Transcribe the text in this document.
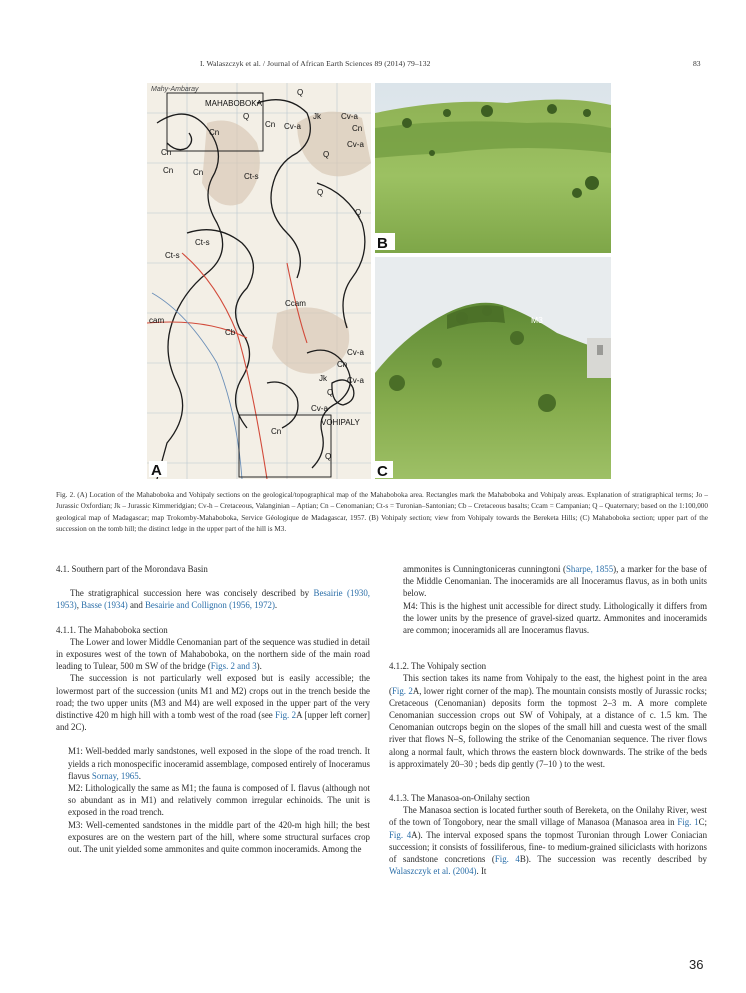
I. Walaszczyk et al. / Journal of African Earth Sciences 89 (2014) 79–132	83
Mahy-Ambaray
MAHABOBOKA
Q
Jk	Cv-a
Cn
Cn Cv-a
Cv-a
Q
Cn
Cn	Q
Cn
Q
Cn	Ct-s
Q
Ct-s
Ct-s
Ccam
cam
Cb
Cv-a
Cv-a
Jk
Cn
Cv-a
Q
VOHIPALY
Cn
Q
A
B
M3
C
Fig. 2. (A) Location of the Mahaboboka and Vohipaly sections on the geological/topographical map of the Mahaboboka area. Rectangles mark the Mahaboboka and Vohipaly areas. Explanation of stratigraphical terms; Jo – Jurassic Oxfordian; Jk – Jurassic Kimmeridgian; Cv-h – Cretaceous, Valanginian – Aptian; Cn – Cenomanian; Ct-s = Turonian–Santonian; Cb – Cretaceous basalts; Ccam = Campanian; Q – Quaternary; based on the 1:100,000 geological map of Madagascar; map Trokomby-Mahaboboka, Service Géologique de Madagascar, 1957. (B) Vohipaly section; view from Vohipaly towards the Bereketa Hills; (C) Mahaboboka section; upper part of the succession on the tomb hill; the distinct ledge in the upper part of the hill is M3.

4.1. Southern part of the Morondava Basin

The stratigraphical succession here was concisely described by Besairie (1930, 1953), Basse (1934) and Besairie and Collignon (1956, 1972).

4.1.1. The Mahaboboka section

The Lower and lower Middle Cenomanian part of the sequence was studied in detail in exposures west of the town of Mahaboboka, on the northern side of the main road leading to Tulear, 500 m SW of the bridge (Figs. 2 and 3).

The succession is not particularly well exposed but is easily accessible; the lowermost part of the succession (units M1 and M2) crops out in the trench beside the road; the two upper units (M3 and M4) are well exposed in the upper part of the very distinctive 420 m high hill with a tomb west of the road (see Fig. 2A [upper left corner] and 2C).

M1: Well-bedded marly sandstones, well exposed in the slope of the road trench. It yields a rich monospecific inoceramid assemblage, composed entirely of Inoceramus flavus Sornay, 1965.

M2: Lithologically the same as M1; the fauna is composed of I. flavus (although not so abundant as in M1) and relatively common irregular echinoids. The unit is exposed in the road trench.

M3: Well-cemented sandstones in the middle part of the 420-m high hill; the best exposures are on the western part of the hill, where some structural surfaces crop out. The unit yielded some ammonites and quite common inoceramids. Among the

ammonites is Cunningtoniceras cunningtoni (Sharpe, 1855), a marker for the base of the Middle Cenomanian. The inoceramids are all Inoceramus flavus, as in both units below.

M4: This is the highest unit accessible for direct study. Lithologically it differs from the lower units by the presence of gravel-sized quartz. Ammonites and inoceramids are common; inoceramids all are Inoceramus flavus.

4.1.2. The Vohipaly section

This section takes its name from Vohipaly to the east, the highest point in the area (Fig. 2A, lower right corner of the map). The mountain consists mostly of Jurassic rocks; Cretaceous (Cenomanian) deposits form the topmost 2–3 m. A more complete Cenomanian succession crops out SW of Vohipaly, at a distance of c. 1.5 km. The Cenomanian outcrops begin on the slopes of the small hill and cuesta west of the small river that flows N–S, following the strike of the Cenomanian sequence. The river flows along a normal fault, which throws the eastern block downwards. The strike of the beds is approximately 20–30 ; beds dip gently (7–10 ) to the west.

4.1.3. The Manasoa-on-Onilahy section

The Manasoa section is located further south of Bereketa, on the Onilahy River, west of the town of Tongobory, near the small village of Manasoa (Manasoa area in Fig. 1C; Fig. 4A). The interval exposed spans the topmost Turonian through Lower Coniacian succession; it consists of fossiliferous, fine- to medium-grained siliciclasts with horizons of sandstone concretions (Fig. 4B). The succession was recently described by Walaszczyk et al. (2004). It

36
